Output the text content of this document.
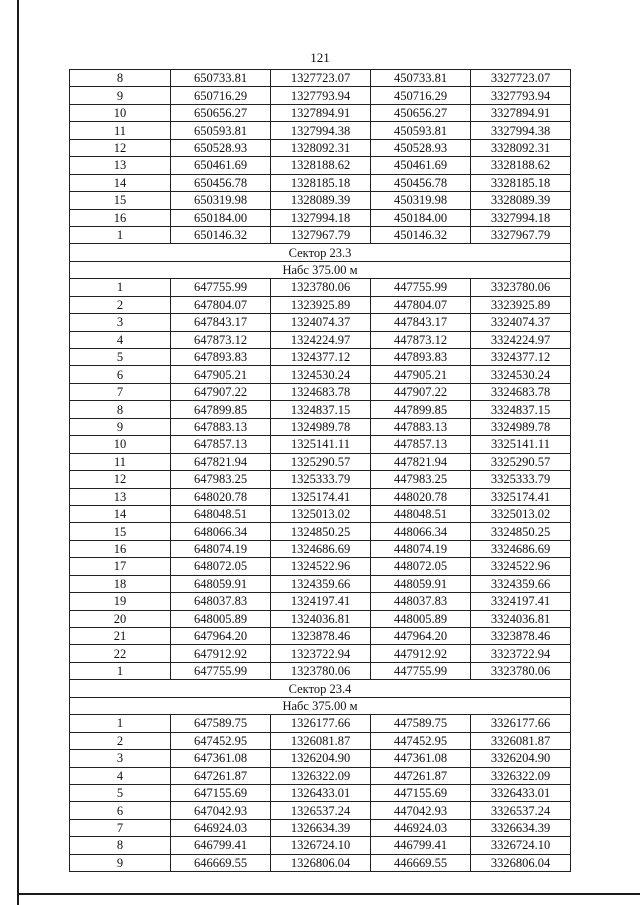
121
8	650733.81	1327723.07	450733.81	3327723.07
9	650716.29	1327793.94	450716.29	3327793.94
10	650656.27	1327894.91	450656.27	3327894.91
11	650593.81	1327994.38	450593.81	3327994.38
12	650528.93	1328092.31	450528.93	3328092.31
13	650461.69	1328188.62	450461.69	3328188.62
14	650456.78	1328185.18	450456.78	3328185.18
15	650319.98	1328089.39	450319.98	3328089.39
16	650184.00	1327994.18	450184.00	3327994.18
1	650146.32	1327967.79	450146.32	3327967.79
Сектор 23.3				
Набс 375.00 м				
1	647755.99	1323780.06	447755.99	3323780.06
2	647804.07	1323925.89	447804.07	3323925.89
3	647843.17	1324074.37	447843.17	3324074.37
4	647873.12	1324224.97	447873.12	3324224.97
5	647893.83	1324377.12	447893.83	3324377.12
6	647905.21	1324530.24	447905.21	3324530.24
7	647907.22	1324683.78	447907.22	3324683.78
8	647899.85	1324837.15	447899.85	3324837.15
9	647883.13	1324989.78	447883.13	3324989.78
10	647857.13	1325141.11	447857.13	3325141.11
11	647821.94	1325290.57	447821.94	3325290.57
12	647983.25	1325333.79	447983.25	3325333.79
13	648020.78	1325174.41	448020.78	3325174.41
14	648048.51	1325013.02	448048.51	3325013.02
15	648066.34	1324850.25	448066.34	3324850.25
16	648074.19	1324686.69	448074.19	3324686.69
17	648072.05	1324522.96	448072.05	3324522.96
18	648059.91	1324359.66	448059.91	3324359.66
19	648037.83	1324197.41	448037.83	3324197.41
20	648005.89	1324036.81	448005.89	3324036.81
21	647964.20	1323878.46	447964.20	3323878.46
22	647912.92	1323722.94	447912.92	3323722.94
1	647755.99	1323780.06	447755.99	3323780.06
Сектор 23.4				
Набс 375.00 м				
1	647589.75	1326177.66	447589.75	3326177.66
2	647452.95	1326081.87	447452.95	3326081.87
3	647361.08	1326204.90	447361.08	3326204.90
4	647261.87	1326322.09	447261.87	3326322.09
5	647155.69	1326433.01	447155.69	3326433.01
6	647042.93	1326537.24	447042.93	3326537.24
7	646924.03	1326634.39	446924.03	3326634.39
8	646799.41	1326724.10	446799.41	3326724.10
9	646669.55	1326806.04	446669.55	3326806.04
